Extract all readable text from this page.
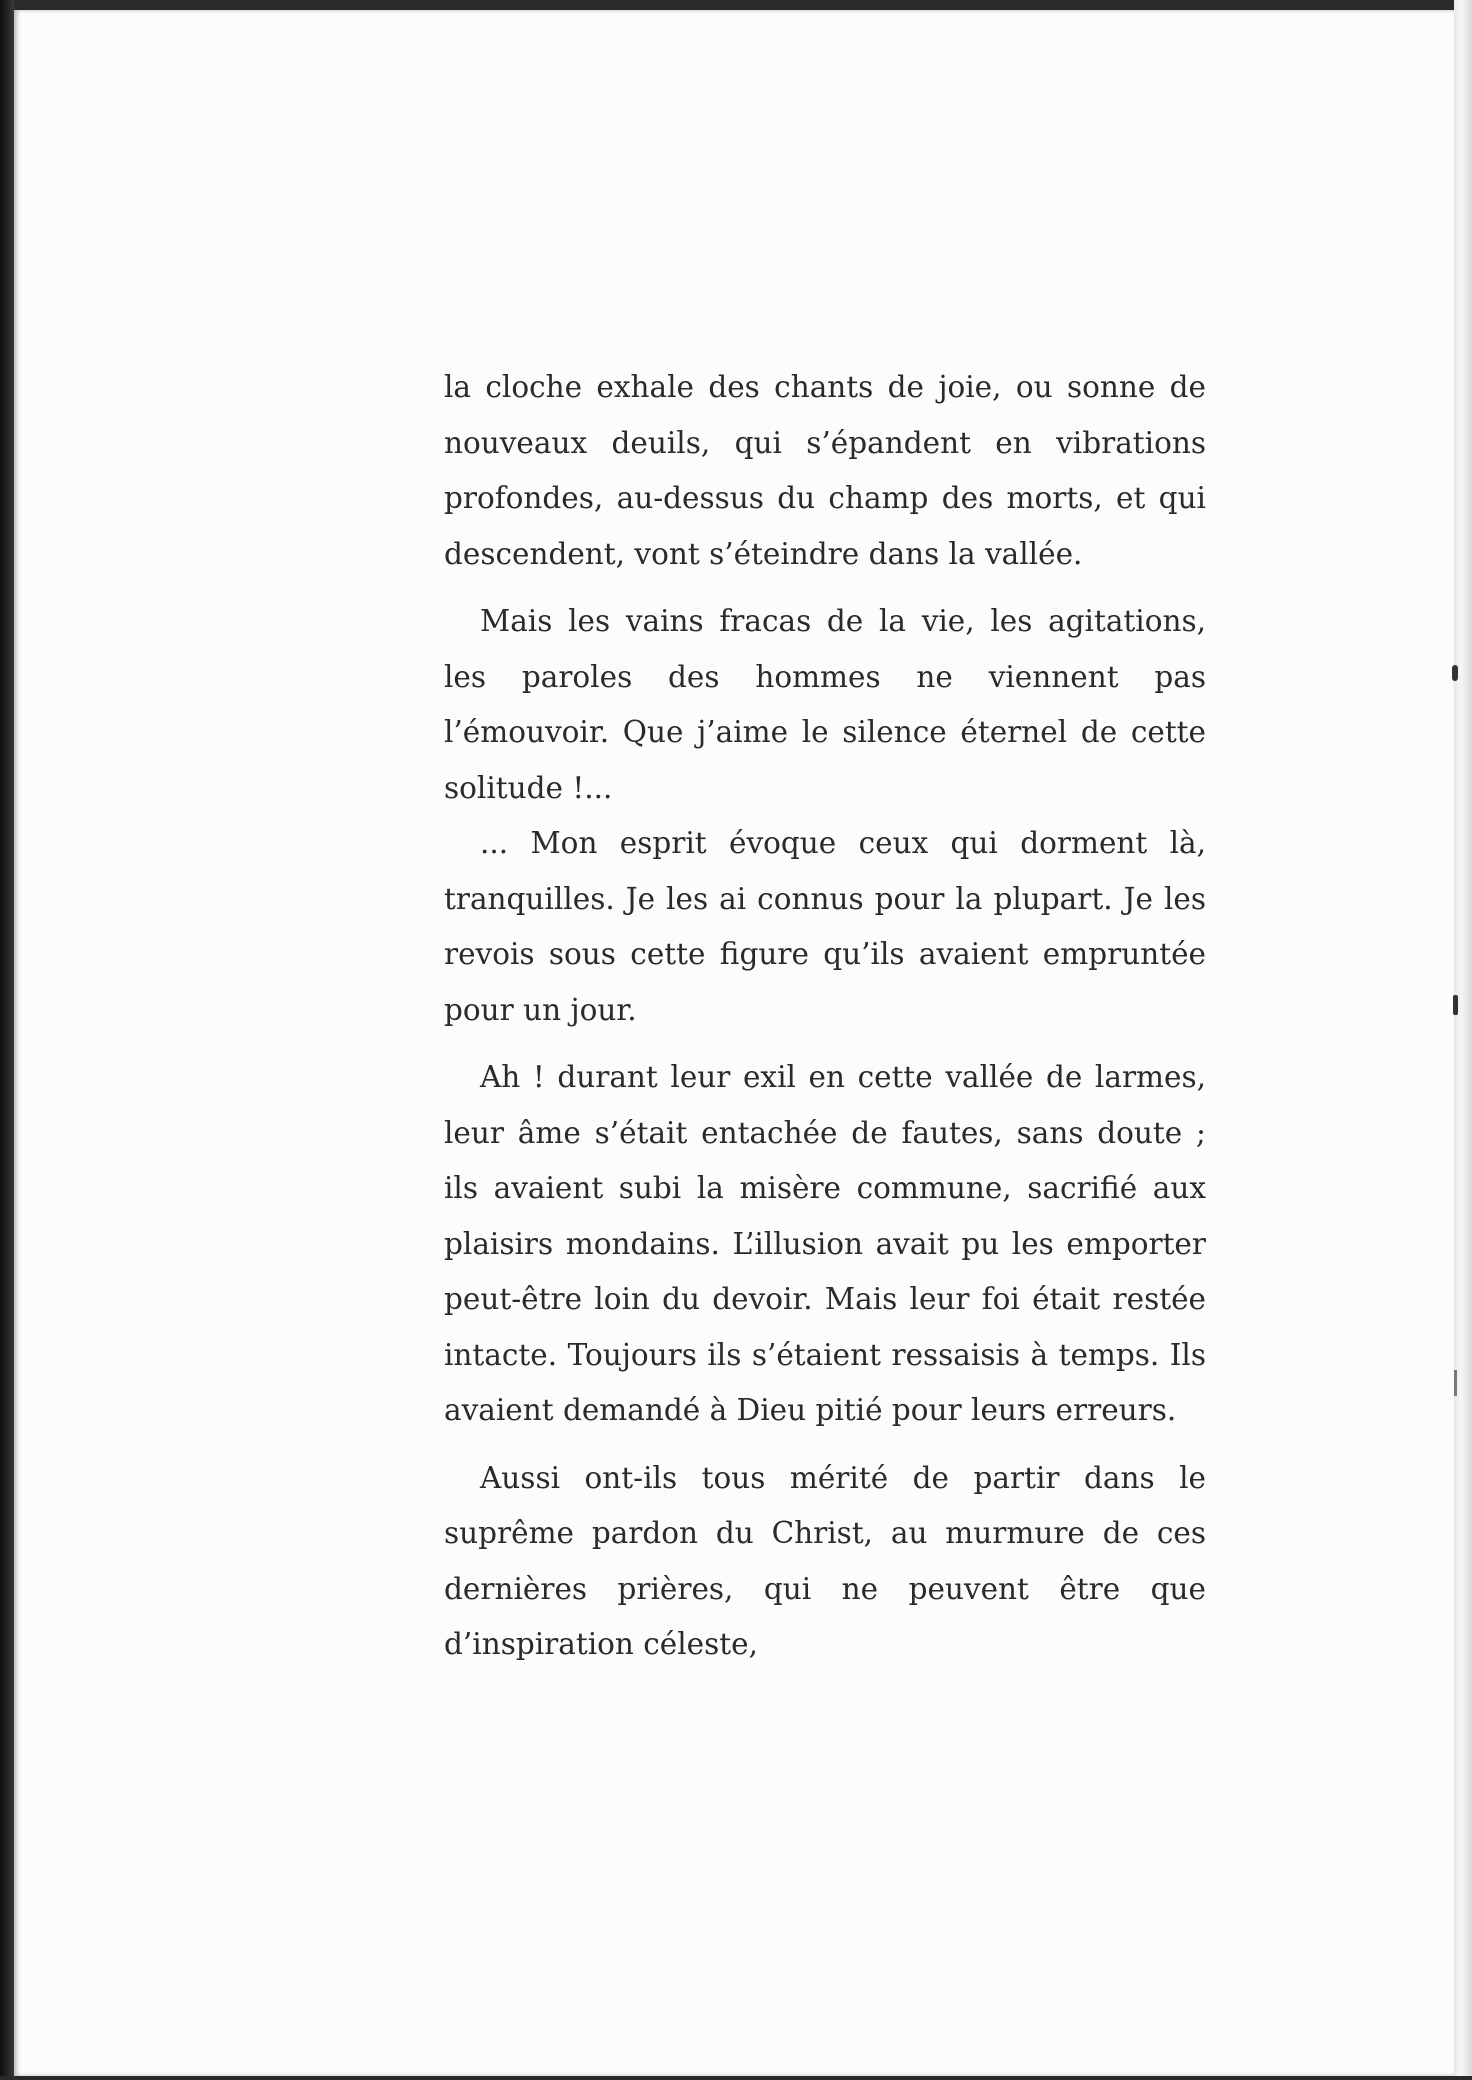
la cloche exhale des chants de joie, ou sonne de nouveaux deuils, qui s’épandent en vibrations profondes, au-dessus du champ des morts, et qui descendent, vont s’éteindre dans la vallée.

Mais les vains fracas de la vie, les agitations, les paroles des hommes ne viennent pas l’émouvoir. Que j’aime le silence éternel de cette solitude !...

... Mon esprit évoque ceux qui dorment là, tranquilles. Je les ai connus pour la plupart. Je les revois sous cette figure qu’ils avaient empruntée pour un jour.

Ah ! durant leur exil en cette vallée de larmes, leur âme s’était entachée de fautes, sans doute ; ils avaient subi la misère commune, sacrifié aux plaisirs mondains. L’illusion avait pu les emporter peut-être loin du devoir. Mais leur foi était restée intacte. Toujours ils s’étaient ressaisis à temps. Ils avaient demandé à Dieu pitié pour leurs erreurs.

Aussi ont-ils tous mérité de partir dans le suprême pardon du Christ, au murmure de ces dernières prières, qui ne peuvent être que d’inspiration céleste,
